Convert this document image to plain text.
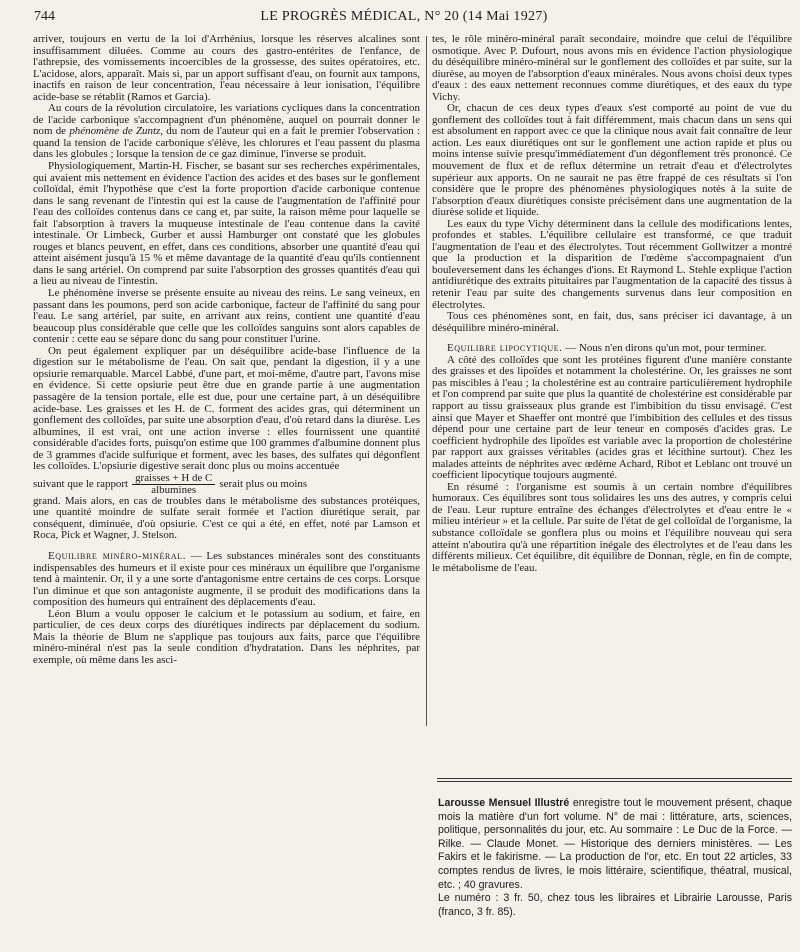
744	LE PROGRÈS MÉDICAL, N° 20 (14 Mai 1927)

arriver, toujours en vertu de la loi d'Arrhénius, lorsque les réserves alcalines sont insuffisamment diluées. Comme au cours des gastro-entérites de l'enfance, de l'athrepsie, des vomissements incoercibles de la grossesse, des suites opératoires, etc. L'acidose, alors, apparaît. Mais si, par un apport suffisant d'eau, on fournit aux tampons, inactifs en raison de leur concentration, l'eau nécessaire à leur ionisation, l'équilibre acide-base se rétablit (Ramos et Garcia).

Au cours de la révolution circulatoire, les variations cycliques dans la concentration de l'acide carbonique s'accompagnent d'un phénomène, auquel on pourrait donner le nom de phénomène de Zuntz, du nom de l'auteur qui en a fait le premier l'observation : quand la tension de l'acide carbonique s'élève, les chlorures et l'eau passent du plasma dans les globules ; lorsque la tension de ce gaz diminue, l'inverse se produit.

Physiologiquement, Martin-H. Fischer, se basant sur ses recherches expérimentales, qui avaient mis nettement en évidence l'action des acides et des bases sur le gonflement colloïdal, émit l'hypothèse que c'est la forte proportion d'acide carbonique contenue dans le sang revenant de l'intestin qui est la cause de l'augmentation de l'affinité pour l'eau des colloïdes contenus dans ce cang et, par suite, la raison même pour laquelle se fait l'absorption à travers la muqueuse intestinale de l'eau contenue dans la cavité intestinale. Or Limbeck, Gurber et aussi Hamburger ont constaté que les globules rouges et blancs peuvent, en effet, dans ces conditions, absorber une quantité d'eau qui atteint aisément jusqu'à 15 % et même davantage de la quantité d'eau qu'ils contiennent dans le sang artériel. On comprend par suite l'absorption des grosses quantités d'eau qui a lieu au niveau de l'intestin.

Le phénomène inverse se présente ensuite au niveau des reins. Le sang veineux, en passant dans les poumons, perd son acide carbonique, facteur de l'affinité du sang pour l'eau. Le sang artériel, par suite, en arrivant aux reins, contient une quantité d'eau beaucoup plus considérable que celle que les colloïdes sanguins sont alors capables de contenir : cette eau se sépare donc du sang pour constituer l'urine.

On peut également expliquer par un déséquilibre acide-base l'influence de la digestion sur le métabolisme de l'eau. On sait que, pendant la digestion, il y a une opsiurie remarquable. Marcel Labbé, d'une part, et moi-même, d'autre part, l'avons mise en évidence. Si cette opsiurie peut être due en grande partie à une augmentation passagère de la tension portale, elle est due, pour une certaine part, à un déséquilibre acide-base. Les graisses et les H. de C. forment des acides gras, qui déterminent un gonflement des colloïdes, par suite une absorption d'eau, d'où retard dans la diurèse. Les albumines, il est vrai, ont une action inverse : elles fournissent une quantité considérable d'acides forts, puisqu'on estime que 100 grammes d'albumine donnent plus de 3 grammes d'acide sulfurique et forment, avec les bases, des sulfates qui dégonflent les colloïdes. L'opsiurie digestive serait donc plus ou moins accentuée

suivant que le rapport $\frac{\text{graisses + H de C}}{\text{albumines}}$ serait plus ou moins

grand. Mais alors, en cas de troubles dans le métabolisme des substances protéiques, une quantité moindre de sulfate serait formée et l'action diurétique serait, par conséquent, diminuée, d'où opsiurie. C'est ce qui a été, en effet, noté par Lamson et Roca, Pick et Wagner, J. Stelson.

Equilibre minéro-minéral. — Les substances minérales sont des constituants indispensables des humeurs et il existe pour ces minéraux un équilibre que l'organisme tend à maintenir. Or, il y a une sorte d'antagonisme entre certains de ces corps. Lorsque l'un diminue et que son antagoniste augmente, il se produit des modifications dans la composition des humeurs qui entraînent des déplacements d'eau.

Léon Blum a voulu opposer le calcium et le potassium au sodium, et faire, en particulier, de ces deux corps des diurétiques indirects par déplacement du sodium. Mais la théorie de Blum ne s'applique pas toujours aux faits, parce que l'équilibre minéro-minéral n'est pas la seule condition d'hydratation. Dans les néphrites, par exemple, où même dans les asci-

tes, le rôle minéro-minéral paraît secondaire, moindre que celui de l'équilibre osmotique. Avec P. Dufourt, nous avons mis en évidence l'action physiologique du déséquilibre minéro-minéral sur le gonflement des colloïdes et par suite, sur la diurèse, au moyen de l'absorption d'eaux minérales. Nous avons choisi deux types d'eaux : des eaux nettement reconnues comme diurétiques, et des eaux du type Vichy.

Or, chacun de ces deux types d'eaux s'est comporté au point de vue du gonflement des colloïdes tout à fait différemment, mais chacun dans un sens qui est absolument en rapport avec ce que la clinique nous avait fait connaître de leur action. Les eaux diurétiques ont sur le gonflement une action rapide et plus ou moins intense suivie presqu'immédiatement d'un dégonflement très prononcé. Ce mouvement de flux et de reflux détermine un retrait d'eau et d'électrolytes supérieur aux apports. On ne saurait ne pas être frappé de ces résultats si l'on considère que le propre des phénomènes physiologiques notés à la suite de l'absorption d'eaux diurétiques consiste précisément dans une augmentation de la diurèse solide et liquide.

Les eaux du type Vichy déterminent dans la cellule des modifications lentes, profondes et stables. L'équilibre cellulaire est transformé, ce que traduit l'augmentation de l'eau et des électrolytes. Tout récemment Gollwitzer a montré que la production et la disparition de l'œdème s'accompagnaient d'un bouleversement dans les échanges d'ions. Et Raymond L. Stehle explique l'action antidiurétique des extraits pituitaires par l'augmentation de la capacité des tissus à retenir l'eau par suite des changements survenus dans leur composition en électrolytes.

Tous ces phénomènes sont, en fait, dus, sans préciser ici davantage, à un déséquilibre minéro-minéral.

Equilibre lipocytique. — Nous n'en dirons qu'un mot, pour terminer.

A côté des colloïdes que sont les protéines figurent d'une manière constante des graisses et des lipoïdes et notamment la cholestérine. Or, les graisses ne sont pas miscibles à l'eau ; la cholestérine est au contraire particulièrement hydrophile et l'on comprend par suite que plus la quantité de cholestérine est considérable par rapport au tissu graisseaux plus grande est l'imbibition du tissu envisagé. C'est ainsi que Mayer et Shaeffer ont montré que l'imbibition des cellules et des tissus dépend pour une certaine part de leur teneur en composés d'acides gras. Le coefficient hydrophile des lipoïdes est variable avec la proportion de cholestérine par rapport aux graisses véritables (acides gras et lécithine surtout). Chez les malades atteints de néphrites avec œdème Achard, Ribot et Leblanc ont trouvé un coefficient lipocytique toujours augmenté.

En résumé : l'organisme est soumis à un certain nombre d'équilibres humoraux. Ces équilibres sont tous solidaires les uns des autres, y compris celui de l'eau. Leur rupture entraîne des échanges d'électrolytes et d'eau entre le « milieu intérieur » et la cellule. Par suite de l'état de gel colloïdal de l'organisme, la substance colloïdale se gonflera plus ou moins et l'équilibre nouveau qui sera atteint n'aboutira qu'à une répartition inégale des électrolytes et de l'eau dans les différents milieux. Cet équilibre, dit équilibre de Donnan, règle, en fin de compte, le métabolisme de l'eau.

Larousse Mensuel Illustré enregistre tout le mouvement présent, chaque mois la matière d'un fort volume. N° de mai : littérature, arts, sciences, politique, personnalités du jour, etc. Au sommaire : Le Duc de la Force. — Rilke. — Claude Monet. — Historique des derniers ministères. — Les Fakirs et le fakirisme. — La production de l'or, etc. En tout 22 articles, 33 comptes rendus de livres, le mois littéraire, scientifique, théatral, musical, etc. ; 40 gravures.

Le numéro : 3 fr. 50, chez tous les libraires et Librairie Larousse, Paris (franco, 3 fr. 85).
